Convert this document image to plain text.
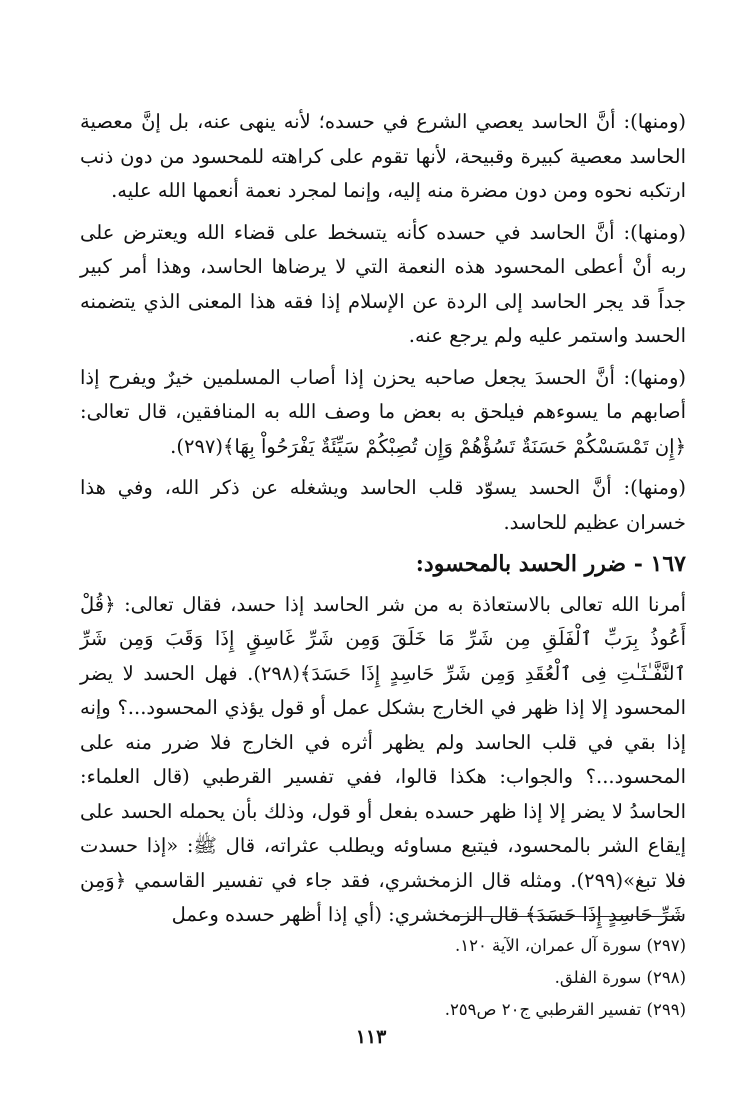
(ومنها): أنَّ الحاسد يعصي الشرع في حسده؛ لأنه ينهى عنه، بل إنَّ معصية الحاسد معصية كبيرة وقبيحة، لأنها تقوم على كراهته للمحسود من دون ذنب ارتكبه نحوه ومن دون مضرة منه إليه، وإنما لمجرد نعمة أنعمها الله عليه.

(ومنها): أنَّ الحاسد في حسده كأنه يتسخط على قضاء الله ويعترض على ربه أنْ أعطى المحسود هذه النعمة التي لا يرضاها الحاسد، وهذا أمر كبير جداً قد يجر الحاسد إلى الردة عن الإسلام إذا فقه هذا المعنى الذي يتضمنه الحسد واستمر عليه ولم يرجع عنه.

(ومنها): أنَّ الحسدَ يجعل صاحبه يحزن إذا أصاب المسلمين خيرٌ ويفرح إذا أصابهم ما يسوءهم فيلحق به بعض ما وصف الله به المنافقين، قال تعالى: ﴿إِن تَمْسَسْكُمْ حَسَنَةٌ تَسُؤْهُمْ وَإِن تُصِبْكُمْ سَيِّئَةٌ يَفْرَحُواْ بِهَا﴾(٢٩٧).

(ومنها): أنَّ الحسد يسوّد قلب الحاسد ويشغله عن ذكر الله، وفي هذا خسران عظيم للحاسد.

١٦٧ - ضرر الحسد بالمحسود:

أمرنا الله تعالى بالاستعاذة به من شر الحاسد إذا حسد، فقال تعالى: ﴿قُلْ أَعُوذُ بِرَبِّ ٱلْفَلَقِ مِن شَرِّ مَا خَلَقَ وَمِن شَرِّ غَاسِقٍ إِذَا وَقَبَ وَمِن شَرِّ ٱلنَّفَّـٰثَـٰتِ فِى ٱلْعُقَدِ وَمِن شَرِّ حَاسِدٍ إِذَا حَسَدَ﴾(٢٩٨). فهل الحسد لا يضر المحسود إلا إذا ظهر في الخارج بشكل عمل أو قول يؤذي المحسود...؟ وإنه إذا بقي في قلب الحاسد ولم يظهر أثره في الخارج فلا ضرر منه على المحسود...؟ والجواب: هكذا قالوا، ففي تفسير القرطبي (قال العلماء: الحاسدُ لا يضر إلا إذا ظهر حسده بفعل أو قول، وذلك بأن يحمله الحسد على إيقاع الشر بالمحسود، فيتبع مساوئه ويطلب عثراته، قال ﷺ: «إذا حسدت فلا تبغ»(٢٩٩). ومثله قال الزمخشري، فقد جاء في تفسير القاسمي ﴿وَمِن شَرِّ حَاسِدٍ إِذَا حَسَدَ﴾ قال الزمخشري: (أي إذا أظهر حسده وعمل

(٢٩٧) سورة آل عمران، الآية ١٢٠.

(٢٩٨) سورة الفلق.

(٢٩٩) تفسير القرطبي ج٢٠ ص٢٥٩.

١١٣
